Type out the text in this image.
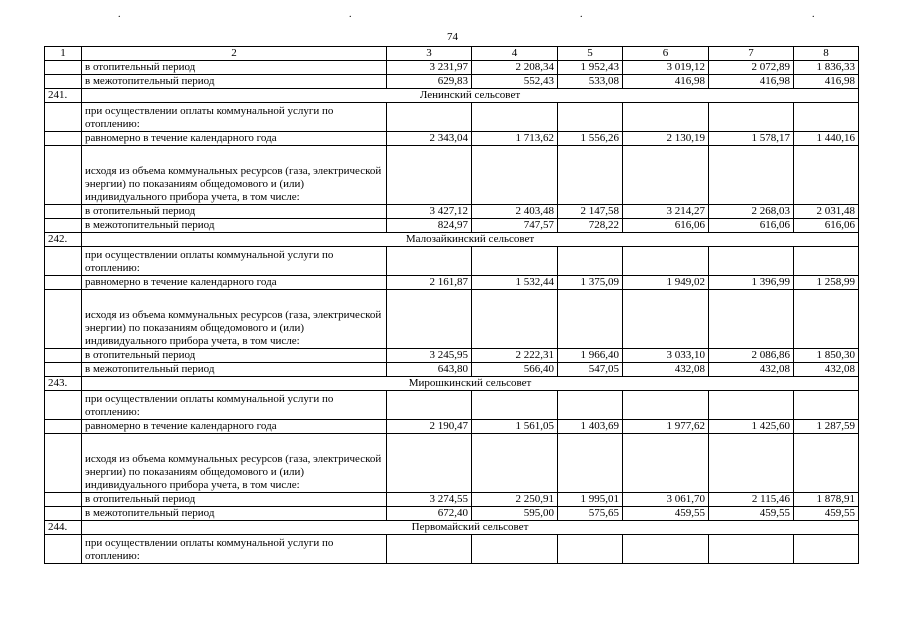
.	.	.	.
74
1	2	3	4	5	6	7	8
	в отопительный период	3 231,97	2 208,34	1 952,43	3 019,12	2 072,89	1 836,33
	в межотопительный период	629,83	552,43	533,08	416,98	416,98	416,98
241.	Ленинский сельсовет						
	при осуществлении оплаты коммунальной услуги по отоплению:						
	равномерно в течение календарного года	2 343,04	1 713,62	1 556,26	2 130,19	1 578,17	1 440,16
	исходя из объема коммунальных ресурсов (газа, электрической энергии) по показаниям общедомового и (или) индивидуального прибора учета, в том числе:						
	в отопительный период	3 427,12	2 403,48	2 147,58	3 214,27	2 268,03	2 031,48
	в межотопительный период	824,97	747,57	728,22	616,06	616,06	616,06
242.	Малозайкинский сельсовет						
	при осуществлении оплаты коммунальной услуги по отоплению:						
	равномерно в течение календарного года	2 161,87	1 532,44	1 375,09	1 949,02	1 396,99	1 258,99
	исходя из объема коммунальных ресурсов (газа, электрической энергии) по показаниям общедомового и (или) индивидуального прибора учета, в том числе:						
	в отопительный период	3 245,95	2 222,31	1 966,40	3 033,10	2 086,86	1 850,30
	в межотопительный период	643,80	566,40	547,05	432,08	432,08	432,08
243.	Мирошкинский сельсовет						
	при осуществлении оплаты коммунальной услуги по отоплению:						
	равномерно в течение календарного года	2 190,47	1 561,05	1 403,69	1 977,62	1 425,60	1 287,59
	исходя из объема коммунальных ресурсов (газа, электрической энергии) по показаниям общедомового и (или) индивидуального прибора учета, в том числе:						
	в отопительный период	3 274,55	2 250,91	1 995,01	3 061,70	2 115,46	1 878,91
	в межотопительный период	672,40	595,00	575,65	459,55	459,55	459,55
244.	Первомайский сельсовет						
	при осуществлении оплаты коммунальной услуги по отоплению:						
